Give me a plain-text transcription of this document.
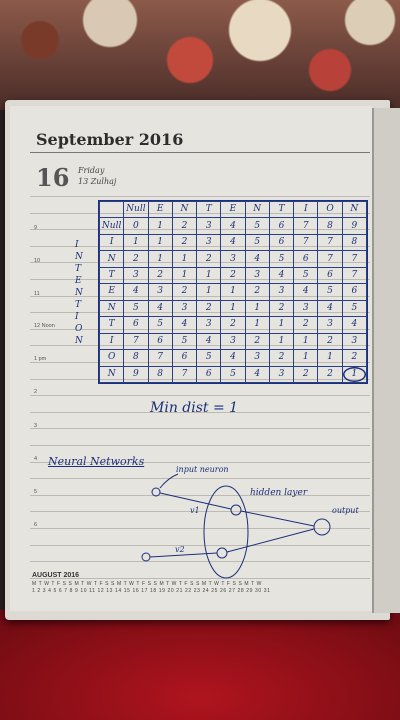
September 2016
16 Friday
13 Zulhaj
9
10
11
12 Noon
1 pm
2
3
4
5
6
	Null	E	N	T	E	N	T	I	O	N
Null	0	1	2	3	4	5	6	7	8	9
I	1	1	2	3	4	5	6	7	7	8
N	2	1	1	2	3	4	5	6	7	7
T	3	2	1	1	2	3	4	5	6	7
E	4	3	2	1	1	2	3	4	5	6
N	5	4	3	2	1	1	2	3	4	5
T	6	5	4	3	2	1	1	2	3	4
I	7	6	5	4	3	2	1	1	2	3
O	8	7	6	5	4	3	2	1	1	2
N	9	8	7	6	5	4	3	2	2	1
I
N
T
E
N
T
I
O
N
Min dist = 1
Neural Networks
input neuron
hidden layer
output
v1
v2
AUGUST 2016
M T W T F S S M T W T F S S M T W T F S S M T W T F S S M T W T F S S M T W
1 2 3 4 5 6 7 8 9 10 11 12 13 14 15 16 17 18 19 20 21 22 23 24 25 26 27 28 29 30 31
